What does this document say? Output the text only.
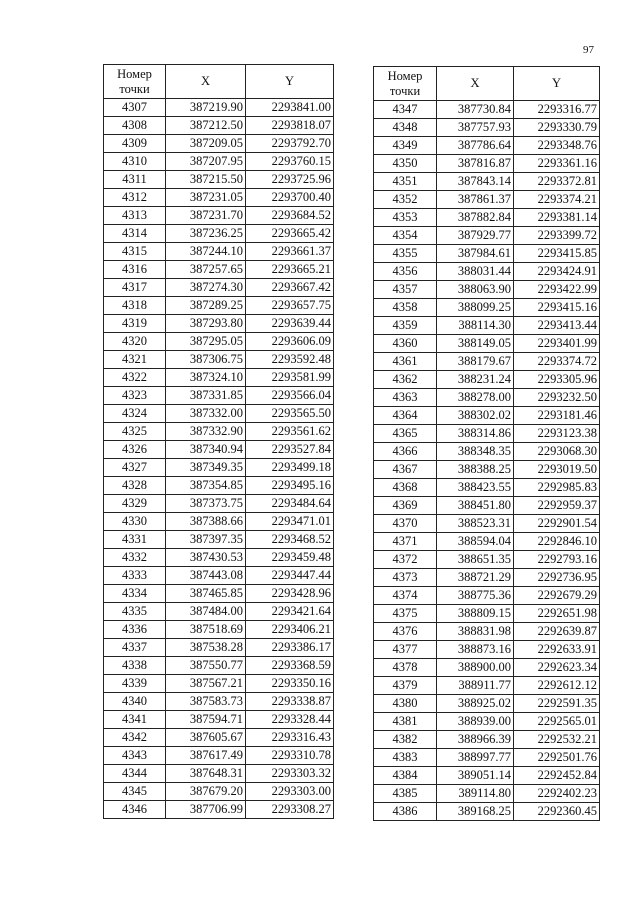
97
Номер
точки	X	Y
4307	387219.90	2293841.00
4308	387212.50	2293818.07
4309	387209.05	2293792.70
4310	387207.95	2293760.15
4311	387215.50	2293725.96
4312	387231.05	2293700.40
4313	387231.70	2293684.52
4314	387236.25	2293665.42
4315	387244.10	2293661.37
4316	387257.65	2293665.21
4317	387274.30	2293667.42
4318	387289.25	2293657.75
4319	387293.80	2293639.44
4320	387295.05	2293606.09
4321	387306.75	2293592.48
4322	387324.10	2293581.99
4323	387331.85	2293566.04
4324	387332.00	2293565.50
4325	387332.90	2293561.62
4326	387340.94	2293527.84
4327	387349.35	2293499.18
4328	387354.85	2293495.16
4329	387373.75	2293484.64
4330	387388.66	2293471.01
4331	387397.35	2293468.52
4332	387430.53	2293459.48
4333	387443.08	2293447.44
4334	387465.85	2293428.96
4335	387484.00	2293421.64
4336	387518.69	2293406.21
4337	387538.28	2293386.17
4338	387550.77	2293368.59
4339	387567.21	2293350.16
4340	387583.73	2293338.87
4341	387594.71	2293328.44
4342	387605.67	2293316.43
4343	387617.49	2293310.78
4344	387648.31	2293303.32
4345	387679.20	2293303.00
4346	387706.99	2293308.27
Номер
точки	X	Y
4347	387730.84	2293316.77
4348	387757.93	2293330.79
4349	387786.64	2293348.76
4350	387816.87	2293361.16
4351	387843.14	2293372.81
4352	387861.37	2293374.21
4353	387882.84	2293381.14
4354	387929.77	2293399.72
4355	387984.61	2293415.85
4356	388031.44	2293424.91
4357	388063.90	2293422.99
4358	388099.25	2293415.16
4359	388114.30	2293413.44
4360	388149.05	2293401.99
4361	388179.67	2293374.72
4362	388231.24	2293305.96
4363	388278.00	2293232.50
4364	388302.02	2293181.46
4365	388314.86	2293123.38
4366	388348.35	2293068.30
4367	388388.25	2293019.50
4368	388423.55	2292985.83
4369	388451.80	2292959.37
4370	388523.31	2292901.54
4371	388594.04	2292846.10
4372	388651.35	2292793.16
4373	388721.29	2292736.95
4374	388775.36	2292679.29
4375	388809.15	2292651.98
4376	388831.98	2292639.87
4377	388873.16	2292633.91
4378	388900.00	2292623.34
4379	388911.77	2292612.12
4380	388925.02	2292591.35
4381	388939.00	2292565.01
4382	388966.39	2292532.21
4383	388997.77	2292501.76
4384	389051.14	2292452.84
4385	389114.80	2292402.23
4386	389168.25	2292360.45
